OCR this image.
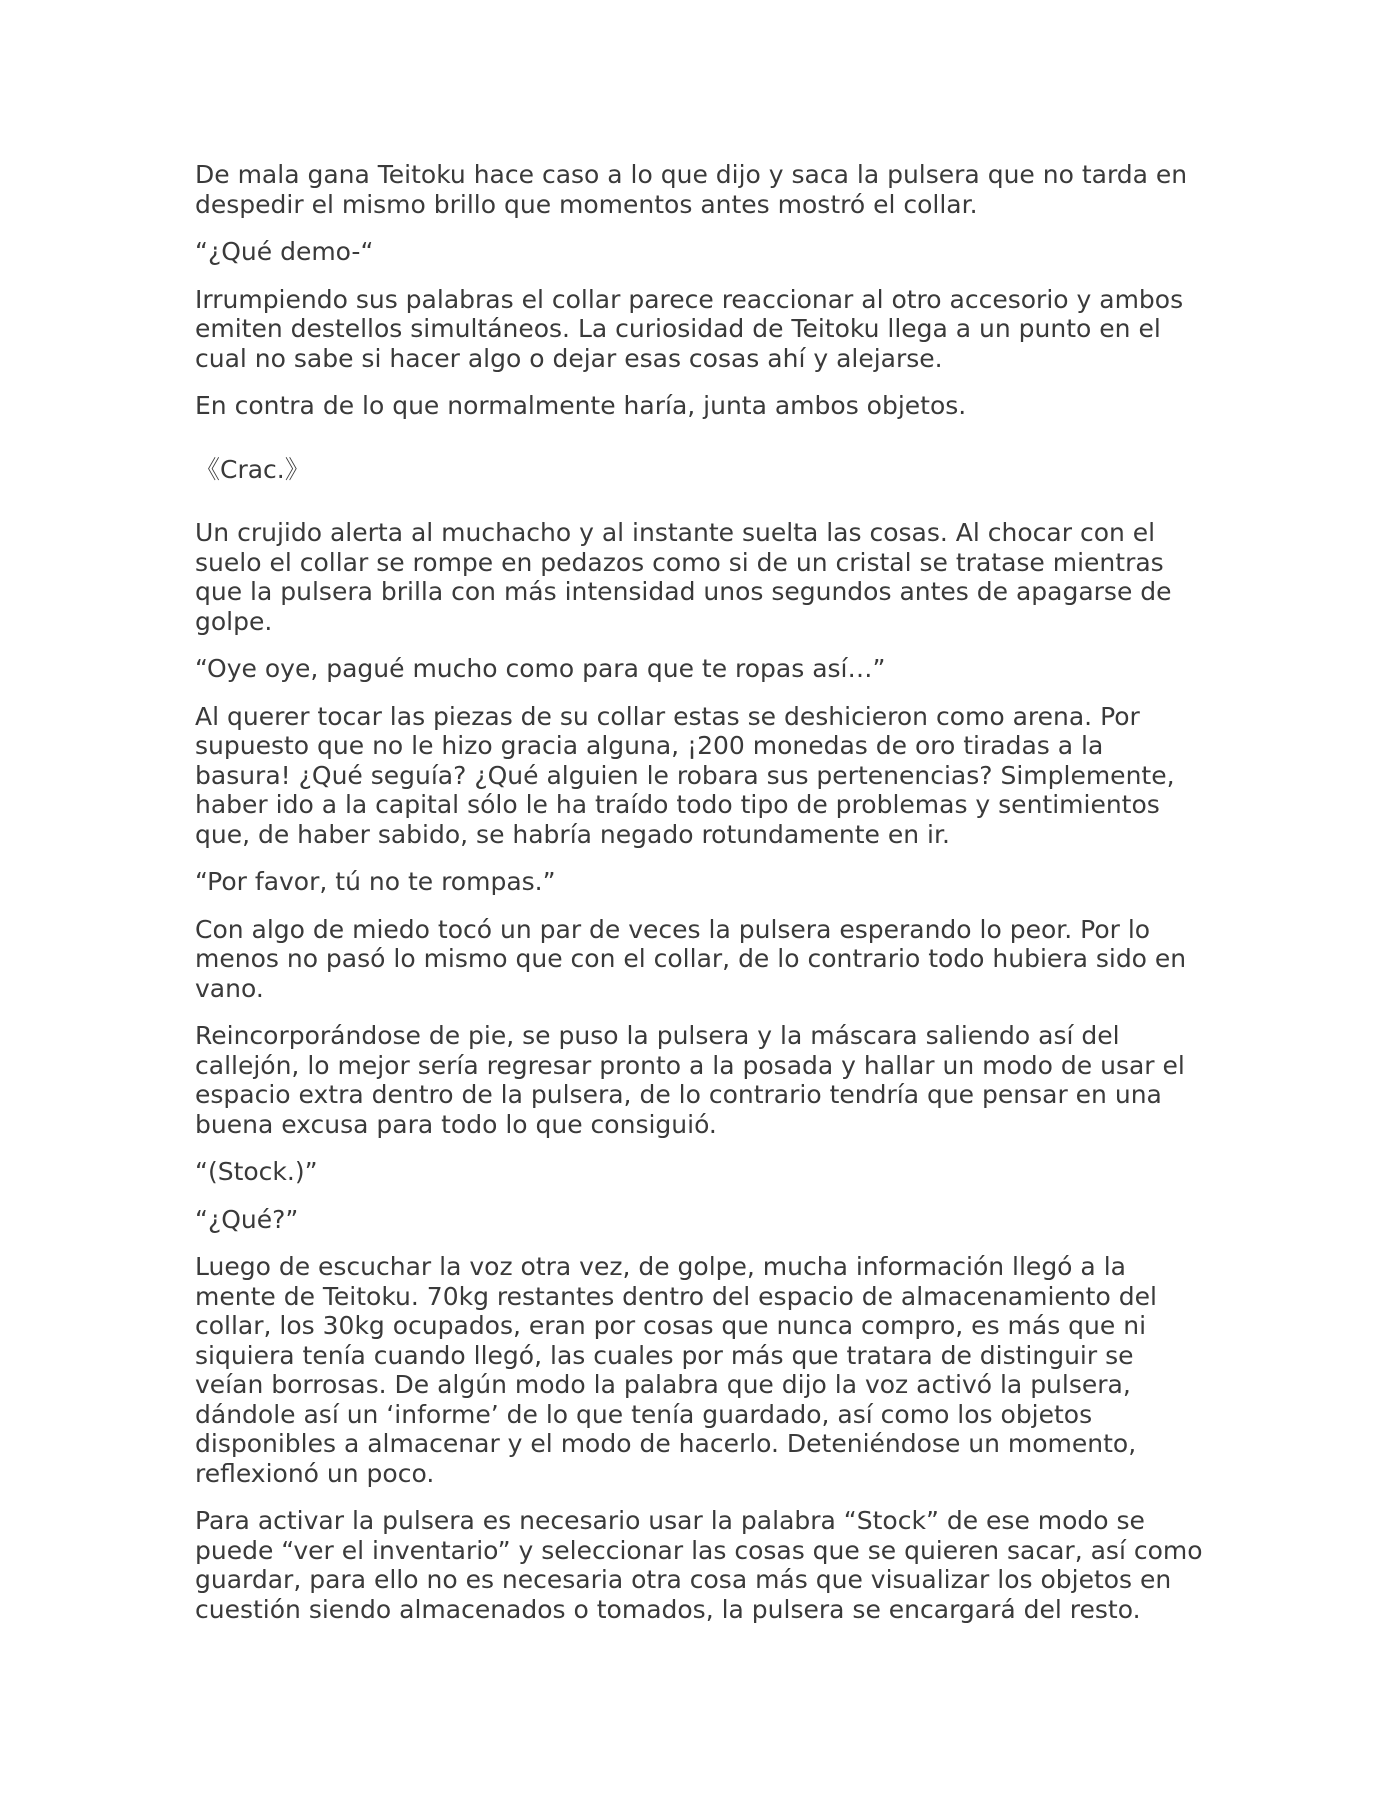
De mala gana Teitoku hace caso a lo que dijo y saca la pulsera que no tarda en despedir el mismo brillo que momentos antes mostró el collar.

“¿Qué demo-“

Irrumpiendo sus palabras el collar parece reaccionar al otro accesorio y ambos emiten destellos simultáneos. La curiosidad de Teitoku llega a un punto en el cual no sabe si hacer algo o dejar esas cosas ahí y alejarse.

En contra de lo que normalmente haría, junta ambos objetos.

《Crac.》

Un crujido alerta al muchacho y al instante suelta las cosas. Al chocar con el suelo el collar se rompe en pedazos como si de un cristal se tratase mientras que la pulsera brilla con más intensidad unos segundos antes de apagarse de golpe.

“Oye oye, pagué mucho como para que te ropas así…”

Al querer tocar las piezas de su collar estas se deshicieron como arena. Por supuesto que no le hizo gracia alguna, ¡200 monedas de oro tiradas a la basura! ¿Qué seguía? ¿Qué alguien le robara sus pertenencias? Simplemente, haber ido a la capital sólo le ha traído todo tipo de problemas y sentimientos que, de haber sabido, se habría negado rotundamente en ir.

“Por favor, tú no te rompas.”

Con algo de miedo tocó un par de veces la pulsera esperando lo peor. Por lo menos no pasó lo mismo que con el collar, de lo contrario todo hubiera sido en vano.

Reincorporándose de pie, se puso la pulsera y la máscara saliendo así del callejón, lo mejor sería regresar pronto a la posada y hallar un modo de usar el espacio extra dentro de la pulsera, de lo contrario tendría que pensar en una buena excusa para todo lo que consiguió.

“(Stock.)”

“¿Qué?”

Luego de escuchar la voz otra vez, de golpe, mucha información llegó a la mente de Teitoku. 70kg restantes dentro del espacio de almacenamiento del collar, los 30kg ocupados, eran por cosas que nunca compro, es más que ni siquiera tenía cuando llegó, las cuales por más que tratara de distinguir se veían borrosas. De algún modo la palabra que dijo la voz activó la pulsera, dándole así un ‘informe’ de lo que tenía guardado, así como los objetos disponibles a almacenar y el modo de hacerlo. Deteniéndose un momento, reflexionó un poco.

Para activar la pulsera es necesario usar la palabra “Stock” de ese modo se puede “ver el inventario” y seleccionar las cosas que se quieren sacar, así como guardar, para ello no es necesaria otra cosa más que visualizar los objetos en cuestión siendo almacenados o tomados, la pulsera se encargará del resto.
